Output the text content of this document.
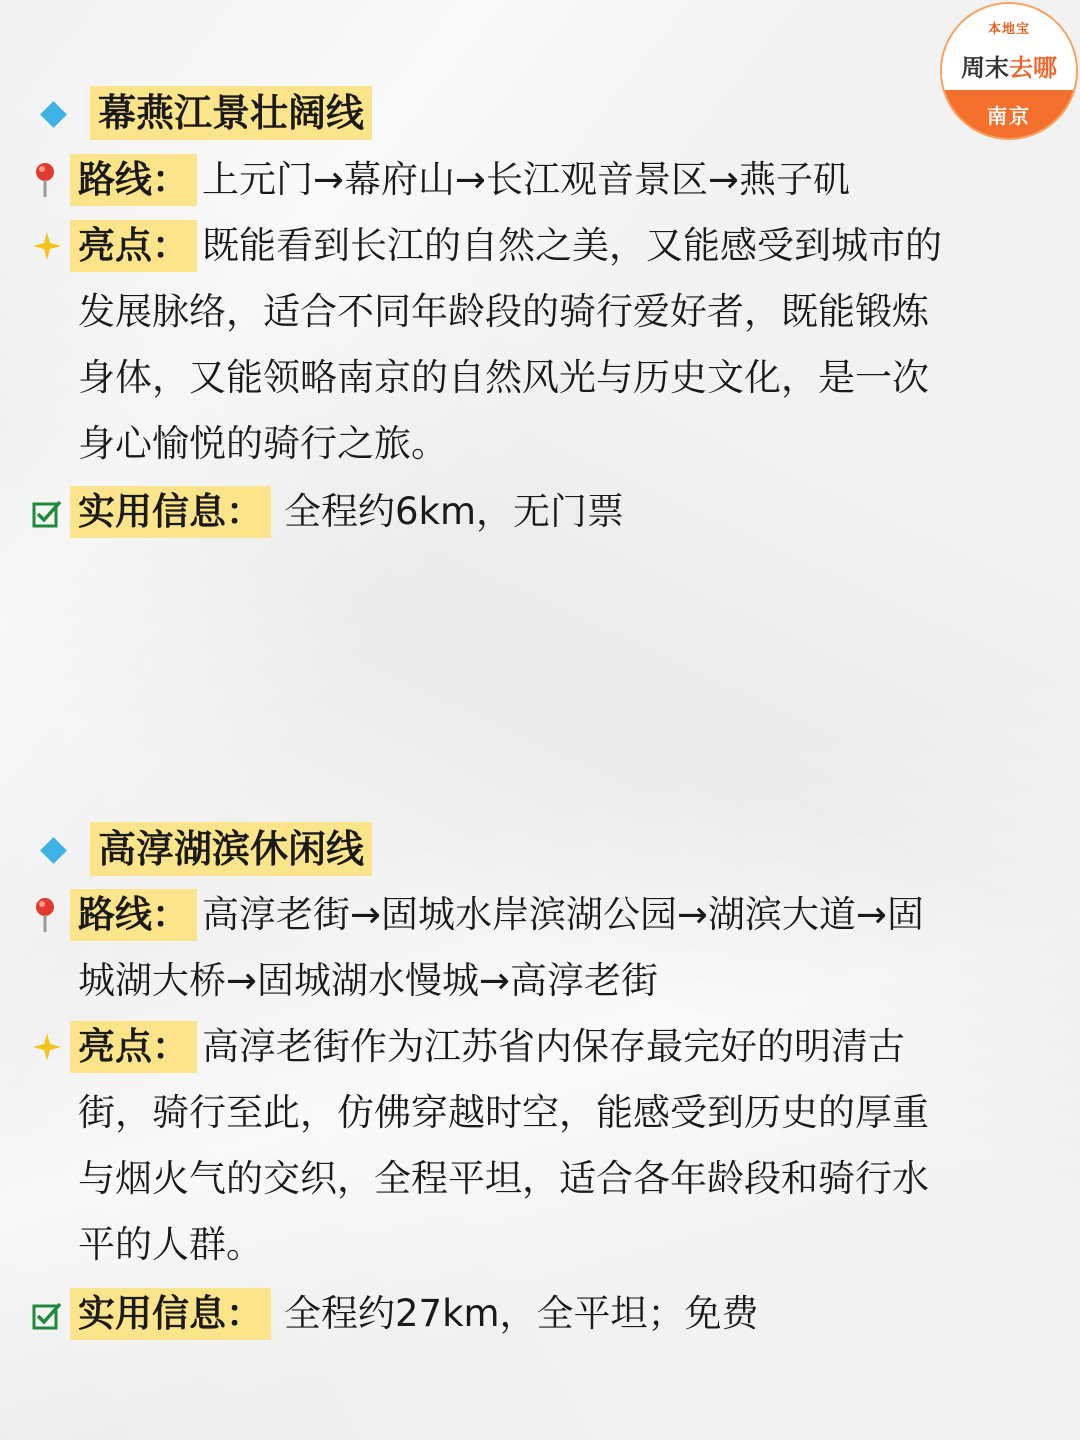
本地宝
周末去哪
南京
幕燕江景壮阔线
路线： 上元门→幕府山→长江观音景区→燕子矶
亮点： 既能看到长江的自然之美，又能感受到城市的
发展脉络，适合不同年龄段的骑行爱好者，既能锻炼
身体，又能领略南京的自然风光与历史文化，是一次
身心愉悦的骑行之旅。
实用信息： 全程约6km，无门票
高淳湖滨休闲线
路线： 高淳老街→固城水岸滨湖公园→湖滨大道→固
城湖大桥→固城湖水慢城→高淳老街
亮点： 高淳老街作为江苏省内保存最完好的明清古
街，骑行至此，仿佛穿越时空，能感受到历史的厚重
与烟火气的交织，全程平坦，适合各年龄段和骑行水
平的人群。
实用信息： 全程约27km，全平坦；免费
